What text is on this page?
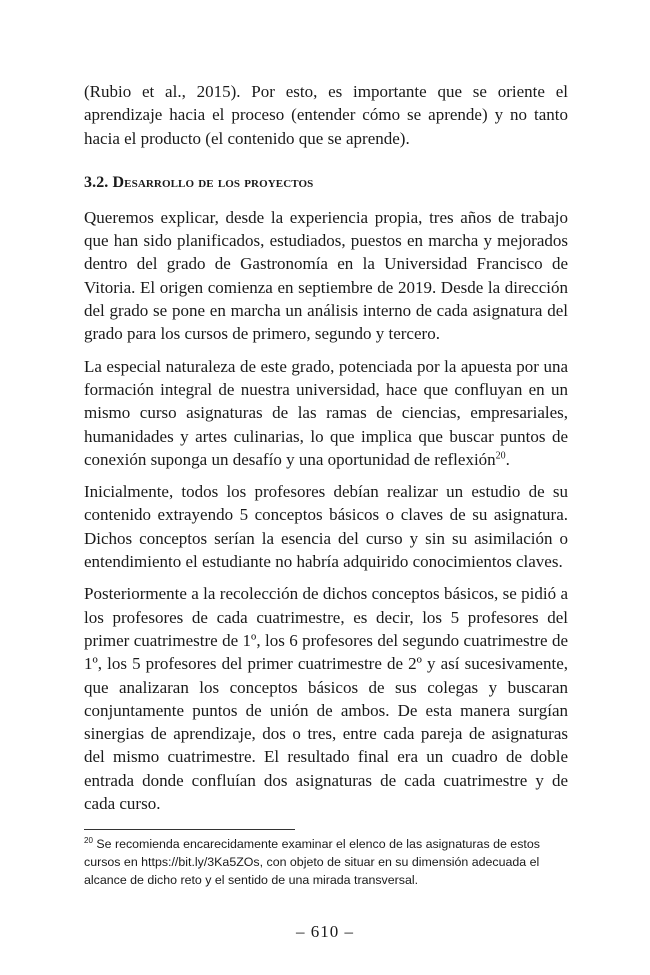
(Rubio et al., 2015). Por esto, es importante que se oriente el aprendizaje hacia el proceso (entender cómo se aprende) y no tanto hacia el producto (el contenido que se aprende).

3.2. Desarrollo de los proyectos

Queremos explicar, desde la experiencia propia, tres años de trabajo que han sido planificados, estudiados, puestos en marcha y mejorados dentro del grado de Gastronomía en la Universidad Francisco de Vitoria. El origen comienza en septiembre de 2019. Desde la dirección del grado se pone en marcha un análisis interno de cada asignatura del grado para los cursos de primero, segundo y tercero.

La especial naturaleza de este grado, potenciada por la apuesta por una formación integral de nuestra universidad, hace que confluyan en un mismo curso asignaturas de las ramas de ciencias, empresariales, humanidades y artes culinarias, lo que implica que buscar puntos de conexión suponga un desafío y una oportunidad de reflexión$^{20}$.

Inicialmente, todos los profesores debían realizar un estudio de su contenido extrayendo 5 conceptos básicos o claves de su asignatura. Dichos conceptos serían la esencia del curso y sin su asimilación o entendimiento el estudiante no habría adquirido conocimientos claves.

Posteriormente a la recolección de dichos conceptos básicos, se pidió a los profesores de cada cuatrimestre, es decir, los 5 profesores del primer cuatrimestre de 1º, los 6 profesores del segundo cuatrimestre de 1º, los 5 profesores del primer cuatrimestre de 2º y así sucesivamente, que analizaran los conceptos básicos de sus colegas y buscaran conjuntamente puntos de unión de ambos. De esta manera surgían sinergias de aprendizaje, dos o tres, entre cada pareja de asignaturas del mismo cuatrimestre. El resultado final era un cuadro de doble entrada donde confluían dos asignaturas de cada cuatrimestre y de cada curso.

$^{20}$ Se recomienda encarecidamente examinar el elenco de las asignaturas de estos cursos en https://bit.ly/3Ka5ZOs, con objeto de situar en su dimensión adecuada el alcance de dicho reto y el sentido de una mirada transversal.

– 610 –
